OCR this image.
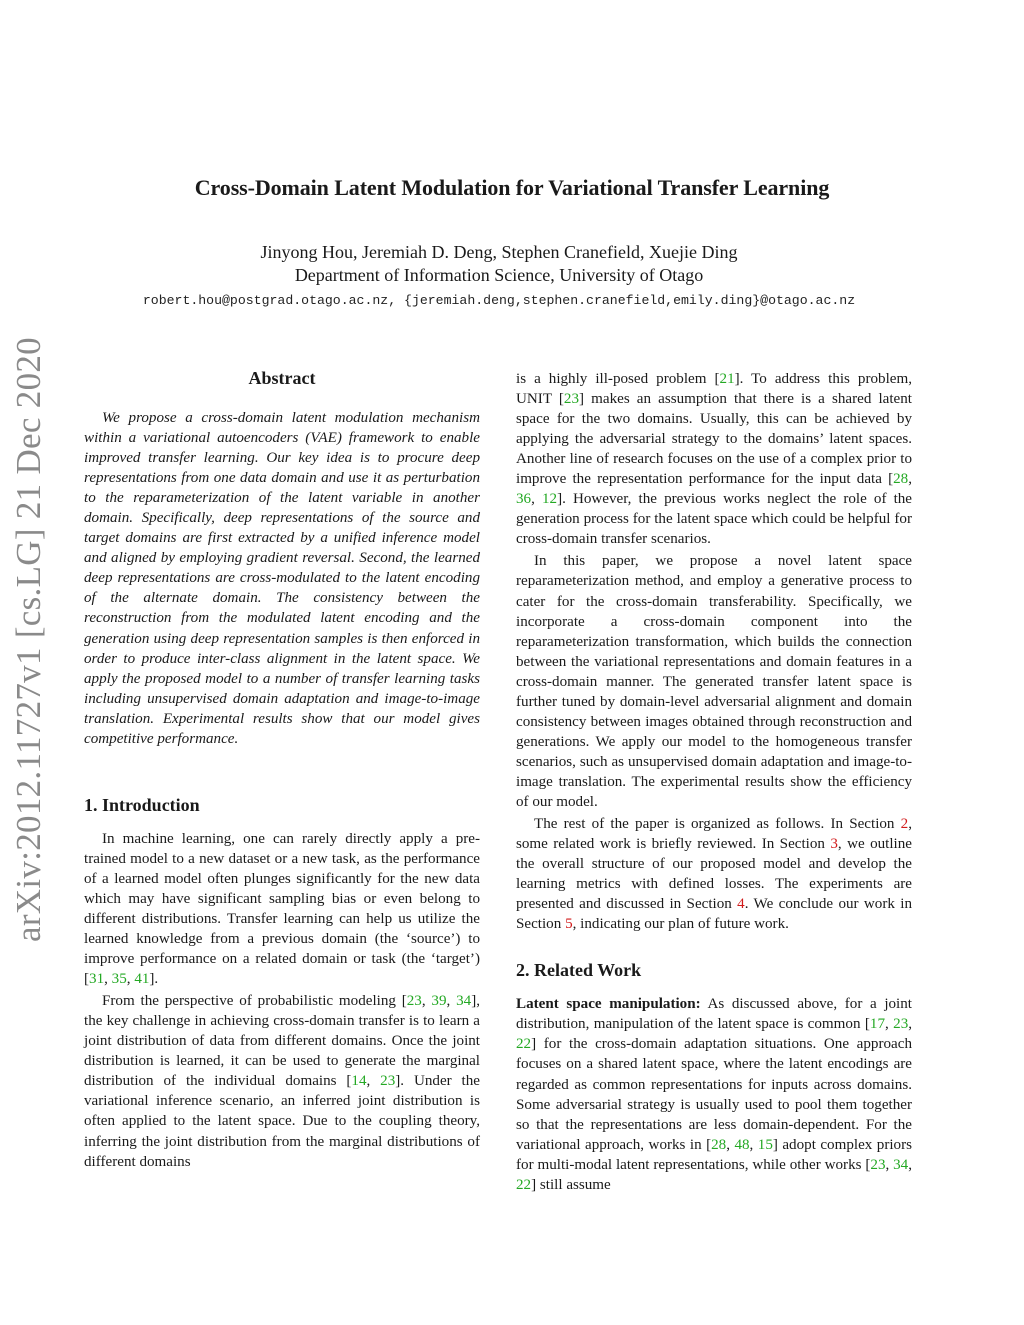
arXiv:2012.11727v1 [cs.LG] 21 Dec 2020
Cross-Domain Latent Modulation for Variational Transfer Learning
Jinyong Hou, Jeremiah D. Deng, Stephen Cranefield, Xuejie Ding
Department of Information Science, University of Otago
robert.hou@postgrad.otago.ac.nz, {jeremiah.deng,stephen.cranefield,emily.ding}@otago.ac.nz
Abstract

We propose a cross-domain latent modulation mechanism within a variational autoencoders (VAE) framework to enable improved transfer learning. Our key idea is to procure deep representations from one data domain and use it as perturbation to the reparameterization of the latent variable in another domain. Specifically, deep representations of the source and target domains are first extracted by a unified inference model and aligned by employing gradient reversal. Second, the learned deep representations are cross-modulated to the latent encoding of the alternate domain. The consistency between the reconstruction from the modulated latent encoding and the generation using deep representation samples is then enforced in order to produce inter-class alignment in the latent space. We apply the proposed model to a number of transfer learning tasks including unsupervised domain adaptation and image-to-image translation. Experimental results show that our model gives competitive performance.

1. Introduction

In machine learning, one can rarely directly apply a pre-trained model to a new dataset or a new task, as the performance of a learned model often plunges significantly for the new data which may have significant sampling bias or even belong to different distributions. Transfer learning can help us utilize the learned knowledge from a previous domain (the ‘source’) to improve performance on a related domain or task (the ‘target’) [31, 35, 41].

From the perspective of probabilistic modeling [23, 39, 34], the key challenge in achieving cross-domain transfer is to learn a joint distribution of data from different domains. Once the joint distribution is learned, it can be used to generate the marginal distribution of the individual domains [14, 23]. Under the variational inference scenario, an inferred joint distribution is often applied to the latent space. Due to the coupling theory, inferring the joint distribution from the marginal distributions of different domains

is a highly ill-posed problem [21]. To address this problem, UNIT [23] makes an assumption that there is a shared latent space for the two domains. Usually, this can be achieved by applying the adversarial strategy to the domains’ latent spaces. Another line of research focuses on the use of a complex prior to improve the representation performance for the input data [28, 36, 12]. However, the previous works neglect the role of the generation process for the latent space which could be helpful for cross-domain transfer scenarios.

In this paper, we propose a novel latent space reparameterization method, and employ a generative process to cater for the cross-domain transferability. Specifically, we incorporate a cross-domain component into the reparameterization transformation, which builds the connection between the variational representations and domain features in a cross-domain manner. The generated transfer latent space is further tuned by domain-level adversarial alignment and domain consistency between images obtained through reconstruction and generations. We apply our model to the homogeneous transfer scenarios, such as unsupervised domain adaptation and image-to-image translation. The experimental results show the efficiency of our model.

The rest of the paper is organized as follows. In Section 2, some related work is briefly reviewed. In Section 3, we outline the overall structure of our proposed model and develop the learning metrics with defined losses. The experiments are presented and discussed in Section 4. We conclude our work in Section 5, indicating our plan of future work.

2. Related Work

Latent space manipulation: As discussed above, for a joint distribution, manipulation of the latent space is common [17, 23, 22] for the cross-domain adaptation situations. One approach focuses on a shared latent space, where the latent encodings are regarded as common representations for inputs across domains. Some adversarial strategy is usually used to pool them together so that the representations are less domain-dependent. For the variational approach, works in [28, 48, 15] adopt complex priors for multi-modal latent representations, while other works [23, 34, 22] still assume
